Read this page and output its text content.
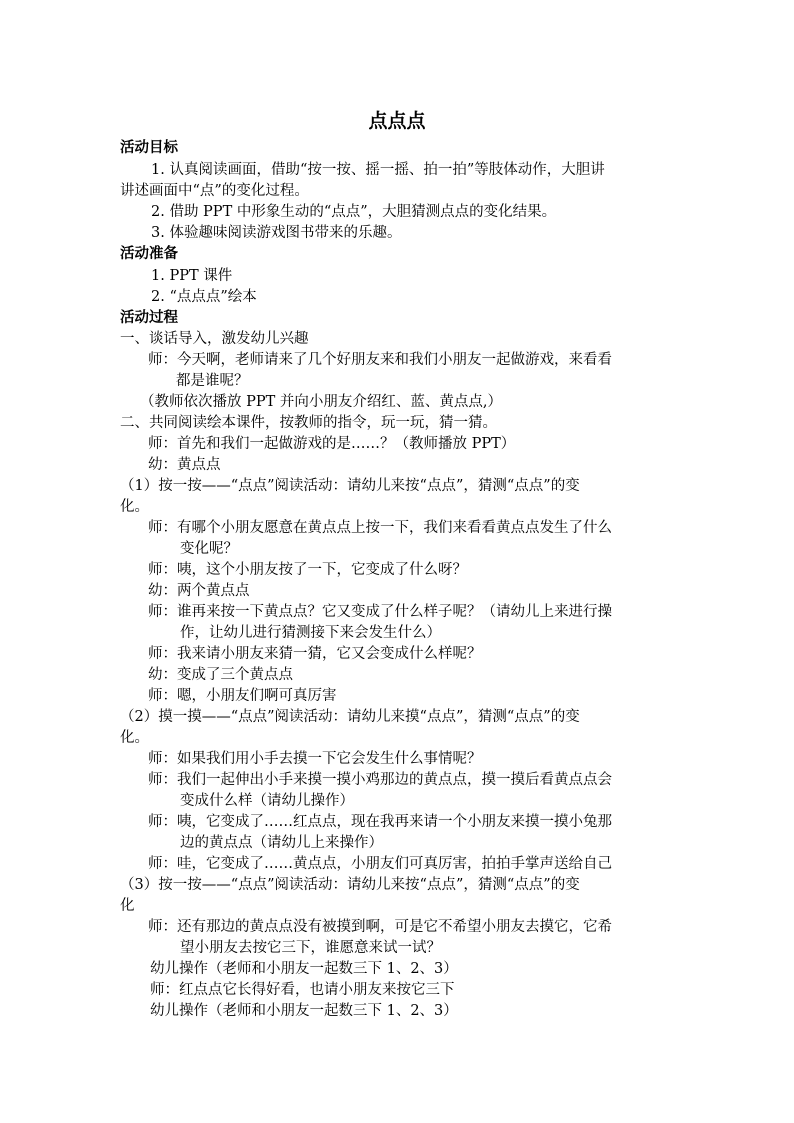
点点点
活动目标
1. 认真阅读画面，借助“按一按、摇一摇、拍一拍”等肢体动作，大胆讲
讲述画面中“点”的变化过程。
2. 借助 PPT 中形象生动的“点点”，大胆猜测点点的变化结果。
3. 体验趣味阅读游戏图书带来的乐趣。
活动准备
1. PPT 课件
2. “点点点”绘本
活动过程
一、谈话导入，激发幼儿兴趣
师：今天啊，老师请来了几个好朋友来和我们小朋友一起做游戏，来看看
都是谁呢？
（教师依次播放 PPT 并向小朋友介绍红、蓝、黄点点,）
二、共同阅读绘本课件，按教师的指令，玩一玩，猜一猜。
师：首先和我们一起做游戏的是……？（教师播放 PPT）
幼：黄点点
（1）按一按——“点点”阅读活动：请幼儿来按“点点”，猜测“点点”的变
化。
师：有哪个小朋友愿意在黄点点上按一下，我们来看看黄点点发生了什么
变化呢？
师：咦，这个小朋友按了一下，它变成了什么呀？
幼：两个黄点点
师：谁再来按一下黄点点？它又变成了什么样子呢？（请幼儿上来进行操
作，让幼儿进行猜测接下来会发生什么）
师：我来请小朋友来猜一猜，它又会变成什么样呢？
幼：变成了三个黄点点
师：嗯，小朋友们啊可真厉害
（2）摸一摸——“点点”阅读活动：请幼儿来摸“点点”，猜测“点点”的变
化。
师：如果我们用小手去摸一下它会发生什么事情呢？
师：我们一起伸出小手来摸一摸小鸡那边的黄点点，摸一摸后看黄点点会
变成什么样（请幼儿操作）
师：咦，它变成了……红点点，现在我再来请一个小朋友来摸一摸小兔那
边的黄点点（请幼儿上来操作）
师：哇，它变成了……黄点点，小朋友们可真厉害，拍拍手掌声送给自己
（3）按一按——“点点”阅读活动：请幼儿来按“点点”，猜测“点点”的变
化
师：还有那边的黄点点没有被摸到啊，可是它不希望小朋友去摸它，它希
望小朋友去按它三下，谁愿意来试一试？
幼儿操作（老师和小朋友一起数三下 1、2、3）
师：红点点它长得好看，也请小朋友来按它三下
幼儿操作（老师和小朋友一起数三下 1、2、3）
